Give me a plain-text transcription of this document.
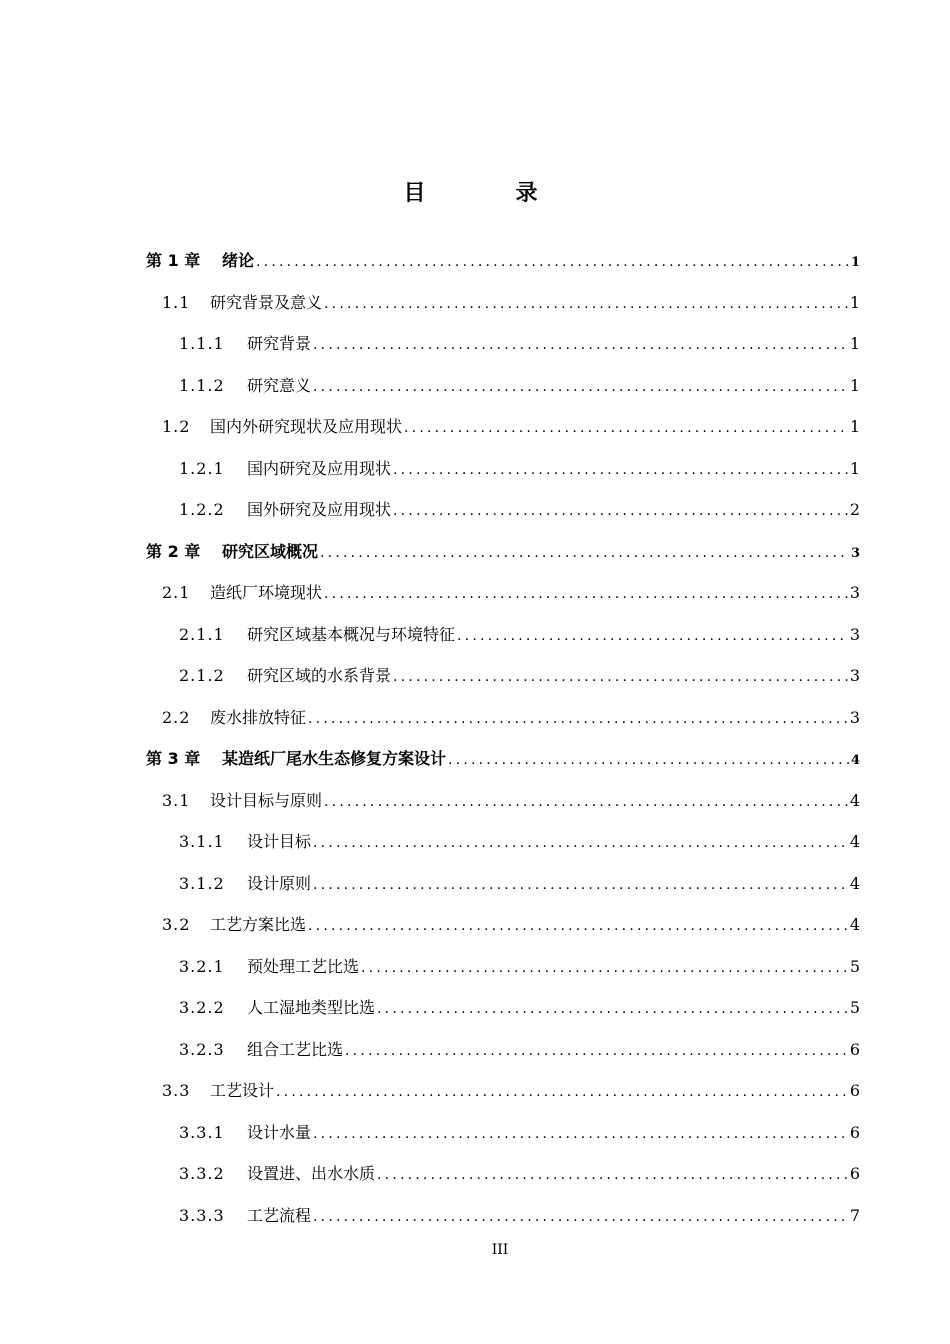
目　录
第 1 章	绪论 .....	1
1.1	研究背景及意义 .....	1
1.1.1	研究背景 .....	1
1.1.2	研究意义 .....	1
1.2	国内外研究现状及应用现状 .....	1
1.2.1	国内研究及应用现状 .....	1
1.2.2	国外研究及应用现状 .....	2
第 2 章	研究区域概况 .....	3
2.1	造纸厂环境现状 .....	3
2.1.1	研究区域基本概况与环境特征 .....	3
2.1.2	研究区域的水系背景 .....	3
2.2	废水排放特征 .....	3
第 3 章	某造纸厂尾水生态修复方案设计 .....	4
3.1	设计目标与原则 .....	4
3.1.1	设计目标 .....	4
3.1.2	设计原则 .....	4
3.2	工艺方案比选 .....	4
3.2.1	预处理工艺比选 .....	5
3.2.2	人工湿地类型比选 .....	5
3.2.3	组合工艺比选 .....	6
3.3	工艺设计 .....	6
3.3.1	设计水量 .....	6
3.3.2	设置进、出水水质 .....	6
3.3.3	工艺流程 .....	7
III
